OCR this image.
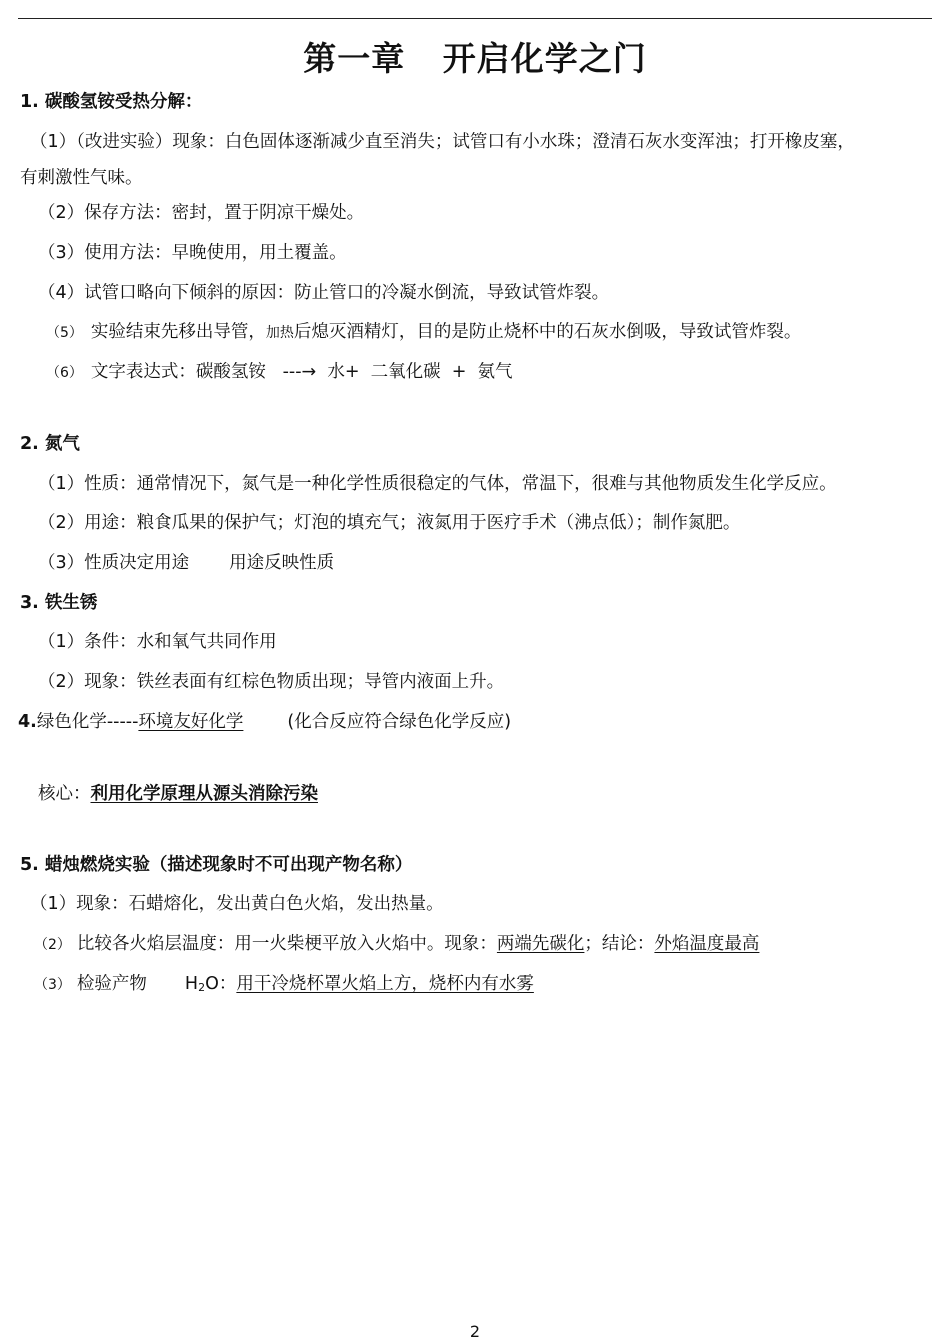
第一章   开启化学之门
1. 碳酸氢铵受热分解：
（1）（改进实验）现象：白色固体逐渐减少直至消失；试管口有小水珠；澄清石灰水变浑浊；打开橡皮塞，
有刺激性气味。
（2）保存方法：密封，置于阴凉干燥处。
（3）使用方法：早晚使用，用土覆盖。
（4）试管口略向下倾斜的原因：防止管口的冷凝水倒流，导致试管炸裂。
（5） 实验结束先移出导管，加热后熄灭酒精灯，目的是防止烧杯中的石灰水倒吸，导致试管炸裂。
（6） 文字表达式：碳酸氢铵   ---→  水+  二氧化碳  +  氨气
2. 氮气
（1）性质：通常情况下，氮气是一种化学性质很稳定的气体，常温下，很难与其他物质发生化学反应。
（2）用途：粮食瓜果的保护气；灯泡的填充气；液氮用于医疗手术（沸点低）；制作氮肥。
（3）性质决定用途 用途反映性质
3. 铁生锈
（1）条件：水和氧气共同作用
（2）现象：铁丝表面有红棕色物质出现；导管内液面上升。
4.绿色化学-----环境友好化学	(化合反应符合绿色化学反应)
核心：利用化学原理从源头消除污染
5. 蜡烛燃烧实验（描述现象时不可出现产物名称）
（1）现象：石蜡熔化，发出黄白色火焰，发出热量。
（2） 比较各火焰层温度：用一火柴梗平放入火焰中。现象：两端先碳化；结论：外焰温度最高
（3） 检验产物 H2O：用干冷烧杯罩火焰上方，烧杯内有水雾
2
